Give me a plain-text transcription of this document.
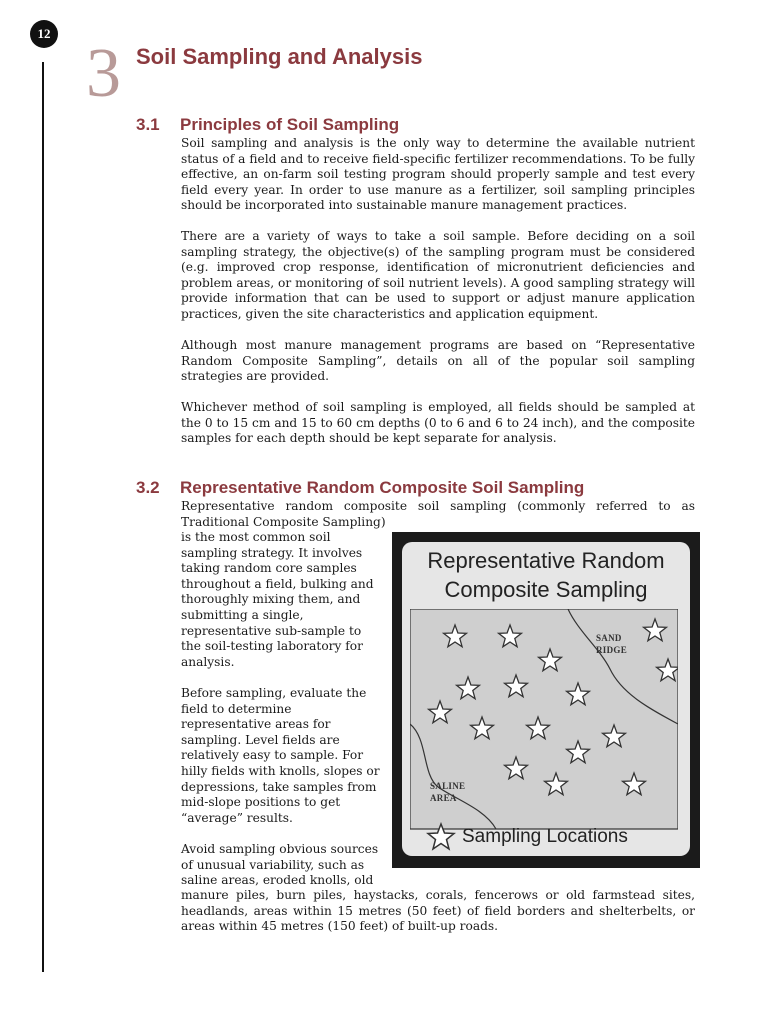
12
3 Soil Sampling and Analysis
3.1 Principles of Soil Sampling

Soil sampling and analysis is the only way to determine the available nutrient status of a field and to receive field-specific fertilizer recommendations. To be fully effective, an on-farm soil testing program should properly sample and test every field every year. In order to use manure as a fertilizer, soil sampling principles should be incorporated into sustainable manure management practices.

There are a variety of ways to take a soil sample. Before deciding on a soil sampling strategy, the objective(s) of the sampling program must be considered (e.g. improved crop response, identification of micronutrient deficiencies and problem areas, or monitoring of soil nutrient levels). A good sampling strategy will provide information that can be used to support or adjust manure application practices, given the site characteristics and application equipment.

Although most manure management programs are based on “Representative Random Composite Sampling”, details on all of the popular soil sampling strategies are provided.

Whichever method of soil sampling is employed, all fields should be sampled at the 0 to 15 cm and 15 to 60 cm depths (0 to 6 and 6 to 24 inch), and the composite samples for each depth should be kept separate for analysis.

3.2 Representative Random Composite Soil Sampling

Representative random composite soil sampling (commonly referred to as Traditional Composite Sampling)

is the most common soil sampling strategy. It involves taking random core samples throughout a field, bulking and thoroughly mixing them, and submitting a single, representative sub-sample to the soil-testing laboratory for analysis.

Before sampling, evaluate the field to determine representative areas for sampling. Level fields are relatively easy to sample. For hilly fields with knolls, slopes or depressions, take samples from mid-slope positions to get “average” results.

Avoid sampling obvious sources of unusual variability, such as saline areas, eroded knolls, old

manure piles, burn piles, haystacks, corals, fencerows or old farmstead sites, headlands, areas within 15 metres (50 feet) of field borders and shelterbelts, or areas within 45 metres (150 feet) of built-up roads.

Representative Random
Composite Sampling
SAND
RIDGE
SALINE
AREA
Sampling Locations
